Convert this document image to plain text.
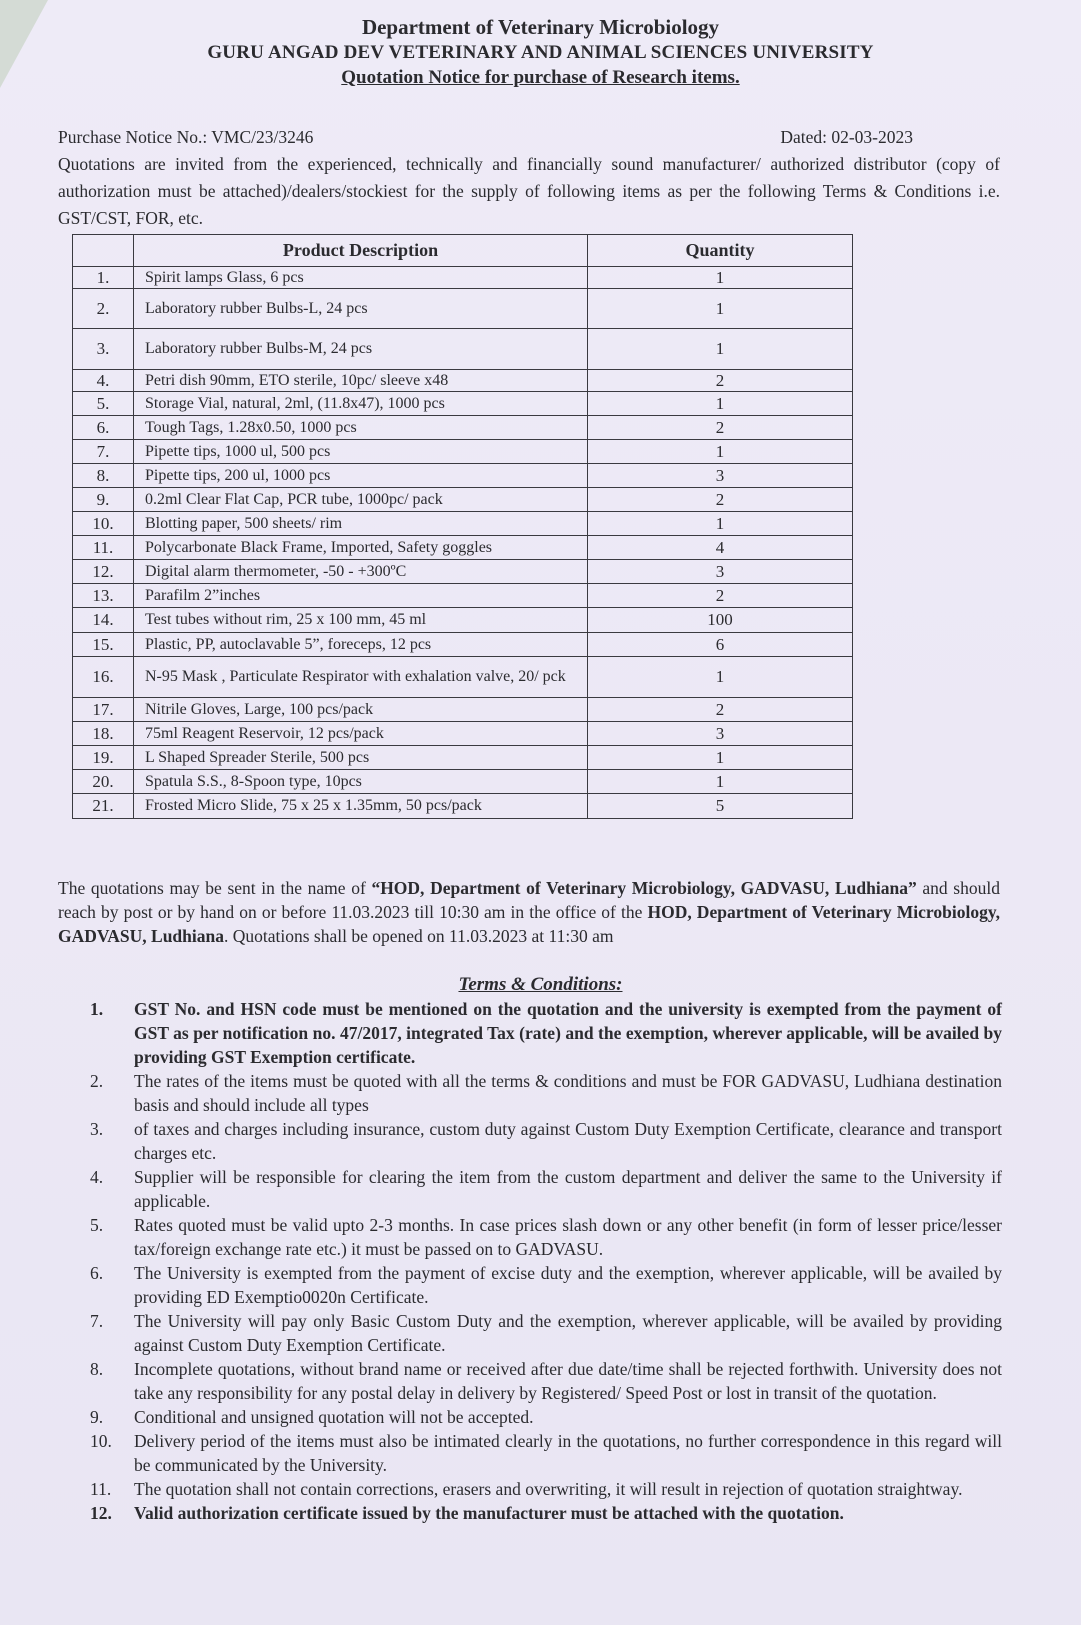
Department of Veterinary Microbiology
GURU ANGAD DEV VETERINARY AND ANIMAL SCIENCES UNIVERSITY
Quotation Notice for purchase of Research items.
Purchase Notice No.: VMC/23/3246	Dated: 02-03-2023
Quotations are invited from the experienced, technically and financially sound manufacturer/ authorized distributor (copy of authorization must be attached)/dealers/stockiest for the supply of following items as per the following Terms & Conditions i.e. GST/CST, FOR, etc.
	Product Description	Quantity
1.	Spirit lamps Glass, 6 pcs	1
2.	Laboratory rubber Bulbs-L, 24 pcs	1
3.	Laboratory rubber Bulbs-M, 24 pcs	1
4.	Petri dish 90mm, ETO sterile, 10pc/ sleeve x48	2
5.	Storage Vial, natural, 2ml, (11.8x47), 1000 pcs	1
6.	Tough Tags, 1.28x0.50, 1000 pcs	2
7.	Pipette tips, 1000 ul, 500 pcs	1
8.	Pipette tips, 200 ul, 1000 pcs	3
9.	0.2ml Clear Flat Cap, PCR tube, 1000pc/ pack	2
10.	Blotting paper, 500 sheets/ rim	1
11.	Polycarbonate Black Frame, Imported, Safety goggles	4
12.	Digital alarm thermometer, -50 - +300ºC	3
13.	Parafilm 2”inches	2
14.	Test tubes without rim, 25 x 100 mm, 45 ml	100
15.	Plastic, PP, autoclavable 5”, foreceps, 12 pcs	6
16.	N-95 Mask , Particulate Respirator with exhalation valve, 20/ pck	1
17.	Nitrile Gloves, Large, 100 pcs/pack	2
18.	75ml Reagent Reservoir, 12 pcs/pack	3
19.	L Shaped Spreader Sterile, 500 pcs	1
20.	Spatula S.S., 8-Spoon type, 10pcs	1
21.	Frosted Micro Slide, 75 x 25 x 1.35mm, 50 pcs/pack	5
The quotations may be sent in the name of “HOD, Department of Veterinary Microbiology, GADVASU, Ludhiana” and should reach by post or by hand on or before 11.03.2023 till 10:30 am in the office of the HOD, Department of Veterinary Microbiology, GADVASU, Ludhiana. Quotations shall be opened on 11.03.2023 at 11:30 am
Terms & Conditions:
1.	GST No. and HSN code must be mentioned on the quotation and the university is exempted from the payment of GST as per notification no. 47/2017, integrated Tax (rate) and the exemption, wherever applicable, will be availed by providing GST Exemption certificate.
2.	The rates of the items must be quoted with all the terms & conditions and must be FOR GADVASU, Ludhiana destination basis and should include all types
3.	of taxes and charges including insurance, custom duty against Custom Duty Exemption Certificate, clearance and transport charges etc.
4.	Supplier will be responsible for clearing the item from the custom department and deliver the same to the University if applicable.
5.	Rates quoted must be valid upto 2-3 months. In case prices slash down or any other benefit (in form of lesser price/lesser tax/foreign exchange rate etc.) it must be passed on to GADVASU.
6.	The University is exempted from the payment of excise duty and the exemption, wherever applicable, will be availed by providing ED Exemptio0020n Certificate.
7.	The University will pay only Basic Custom Duty and the exemption, wherever applicable, will be availed by providing against Custom Duty Exemption Certificate.
8.	Incomplete quotations, without brand name or received after due date/time shall be rejected forthwith. University does not take any responsibility for any postal delay in delivery by Registered/ Speed Post or lost in transit of the quotation.
9.	Conditional and unsigned quotation will not be accepted.
10.	Delivery period of the items must also be intimated clearly in the quotations, no further correspondence in this regard will be communicated by the University.
11.	The quotation shall not contain corrections, erasers and overwriting, it will result in rejection of quotation straightway.
12.	Valid authorization certificate issued by the manufacturer must be attached with the quotation.
